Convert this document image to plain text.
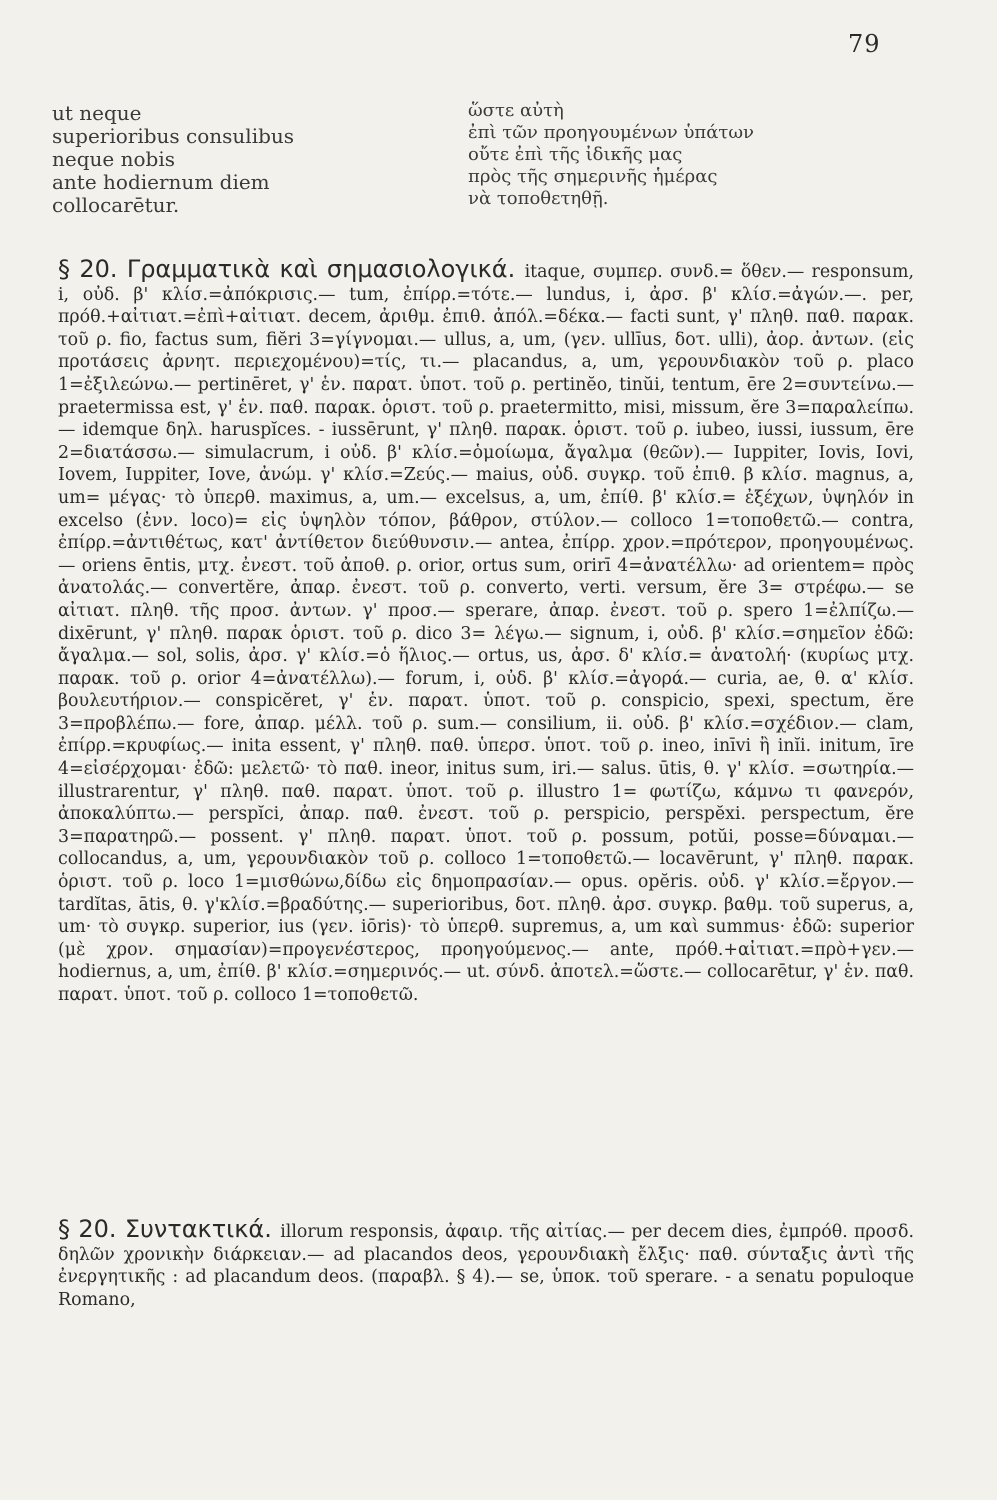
79
ut neque
superioribus consulibus
neque nobis
ante hodiernum diem
collocarētur.
ὥστε αὐτὴ
ἐπὶ τῶν προηγουμένων ὑπάτων
οὔτε ἐπὶ τῆς ἰδικῆς μας
πρὸς τῆς σημερινῆς ἡμέρας
νὰ τοποθετηθῇ.
§ 20. Γραμματικὰ καὶ σημασιολογικά. itaque, συμπερ. συνδ.= ὅθεν.— responsum, i, οὐδ. β' κλίσ.=ἀπόκρισις.— tum, ἐπίρρ.=τότε.— lundus, i, ἀρσ. β' κλίσ.=ἀγών.—. per, πρόθ.+αἰτιατ.=ἐπὶ+αἰτιατ. decem, ἀριθμ. ἐπιθ. ἀπόλ.=δέκα.— facti sunt, γ' πληθ. παθ. παρακ. τοῦ ρ. fio, factus sum, fiĕri 3=γίγνομαι.— ullus, a, um, (γεν. ullīus, δοτ. ulli), ἀορ. ἀντων. (εἰς προτάσεις ἀρνητ. περιεχομένου)=τίς, τι.— placandus, a, um, γερουνδιακὸν τοῦ ρ. placo 1=ἐξιλεώνω.— pertinēret, γ' ἑν. παρατ. ὑποτ. τοῦ ρ. pertinĕo, tinŭi, tentum, ēre 2=συντείνω.— praetermissa est, γ' ἑν. παθ. παρακ. ὁριστ. τοῦ ρ. praetermitto, misi, missum, ĕre 3=παραλείπω.— idemque δηλ. haruspĭces. - iussērunt, γ' πληθ. παρακ. ὁριστ. τοῦ ρ. iubeo, iussi, iussum, ēre 2=διατάσσω.— simulacrum, i οὐδ. β' κλίσ.=ὁμοίωμα, ἄγαλμα (θεῶν).— Iuppiter, Iovis, Iovi, Iovem, Iuppiter, Iove, ἀνώμ. γ' κλίσ.=Ζεύς.— maius, οὐδ. συγκρ. τοῦ ἐπιθ. β κλίσ. magnus, a, um= μέγας· τὸ ὑπερθ. maximus, a, um.— excelsus, a, um, ἐπίθ. β' κλίσ.= ἐξέχων, ὑψηλόν in excelso (ἐνν. loco)= εἰς ὑψηλὸν τόπον, βάθρον, στύλον.— colloco 1=τοποθετῶ.— contra, ἐπίρρ.=ἀντιθέτως, κατ' ἀντίθετον διεύθυνσιν.— antea, ἐπίρρ. χρον.=πρότερον, προηγουμένως.— oriens ēntis, μτχ. ἐνεστ. τοῦ ἀποθ. ρ. orior, ortus sum, orirī 4=ἀνατέλλω· ad orientem= πρὸς ἀνατολάς.— convertĕre, ἀπαρ. ἐνεστ. τοῦ ρ. converto, verti. versum, ĕre 3= στρέφω.— se αἰτιατ. πληθ. τῆς προσ. ἀντων. γ' προσ.— sperare, ἀπαρ. ἐνεστ. τοῦ ρ. spero 1=ἐλπίζω.— dixērunt, γ' πληθ. παρακ ὁριστ. τοῦ ρ. dico 3= λέγω.— signum, i, οὐδ. β' κλίσ.=σημεῖον ἐδῶ: ἄγαλμα.— sol, solis, ἀρσ. γ' κλίσ.=ὁ ἥλιος.— ortus, us, ἀρσ. δ' κλίσ.= ἀνατολή· (κυρίως μτχ. παρακ. τοῦ ρ. orior 4=ἀνατέλλω).— forum, i, οὐδ. β' κλίσ.=ἀγορά.— curia, ae, θ. α' κλίσ. βουλευτήριον.— conspicĕret, γ' ἑν. παρατ. ὑποτ. τοῦ ρ. conspicio, spexi, spectum, ĕre 3=προβλέπω.— fore, ἀπαρ. μέλλ. τοῦ ρ. sum.— consilium, ii. οὐδ. β' κλίσ.=σχέδιον.— clam, ἐπίρρ.=κρυφίως.— inita essent, γ' πληθ. παθ. ὑπερσ. ὑποτ. τοῦ ρ. ineo, inīvi ἢ inĭi. initum, īre 4=εἰσέρχομαι· ἐδῶ: μελετῶ· τὸ παθ. ineor, initus sum, iri.— salus. ūtis, θ. γ' κλίσ. =σωτηρία.— illustrarentur, γ' πληθ. παθ. παρατ. ὑποτ. τοῦ ρ. illustro 1= φωτίζω, κάμνω τι φανερόν, ἀποκαλύπτω.— perspĭci, ἀπαρ. παθ. ἐνεστ. τοῦ ρ. perspicio, perspĕxi. perspectum, ĕre 3=παρατηρῶ.— possent. γ' πληθ. παρατ. ὑποτ. τοῦ ρ. possum, potŭi, posse=δύναμαι.— collocandus, a, um, γερουνδιακὸν τοῦ ρ. colloco 1=τοποθετῶ.— locavērunt, γ' πληθ. παρακ. ὁριστ. τοῦ ρ. loco 1=μισθώνω,δίδω εἰς δημοπρασίαν.— opus. opĕris. οὐδ. γ' κλίσ.=ἔργον.—tardĭtas, ātis, θ. γ'κλίσ.=βραδύτης.— superioribus, δοτ. πληθ. ἀρσ. συγκρ. βαθμ. τοῦ superus, a, um· τὸ συγκρ. superior, ius (γεν. iōris)· τὸ ὑπερθ. supremus, a, um καὶ summus· ἐδῶ: superior (μὲ χρον. σημασίαν)=προγενέστερος, προηγούμενος.— ante, πρόθ.+αἰτιατ.=πρὸ+γεν.— hodiernus, a, um, ἐπίθ. β' κλίσ.=σημερινός.— ut. σύνδ. ἀποτελ.=ὥστε.— collocarētur, γ' ἑν. παθ. παρατ. ὑποτ. τοῦ ρ. colloco 1=τοποθετῶ.
§ 20. Συντακτικά. illorum responsis, ἀφαιρ. τῆς αἰτίας.— per decem dies, ἐμπρόθ. προσδ. δηλῶν χρονικὴν διάρκειαν.— ad placandos deos, γερουνδιακὴ ἔλξις· παθ. σύνταξις ἀντὶ τῆς ἐνεργητικῆς : ad placandum deos. (παραβλ. § 4).— se, ὑποκ. τοῦ sperare. - a senatu populoque Romano,
